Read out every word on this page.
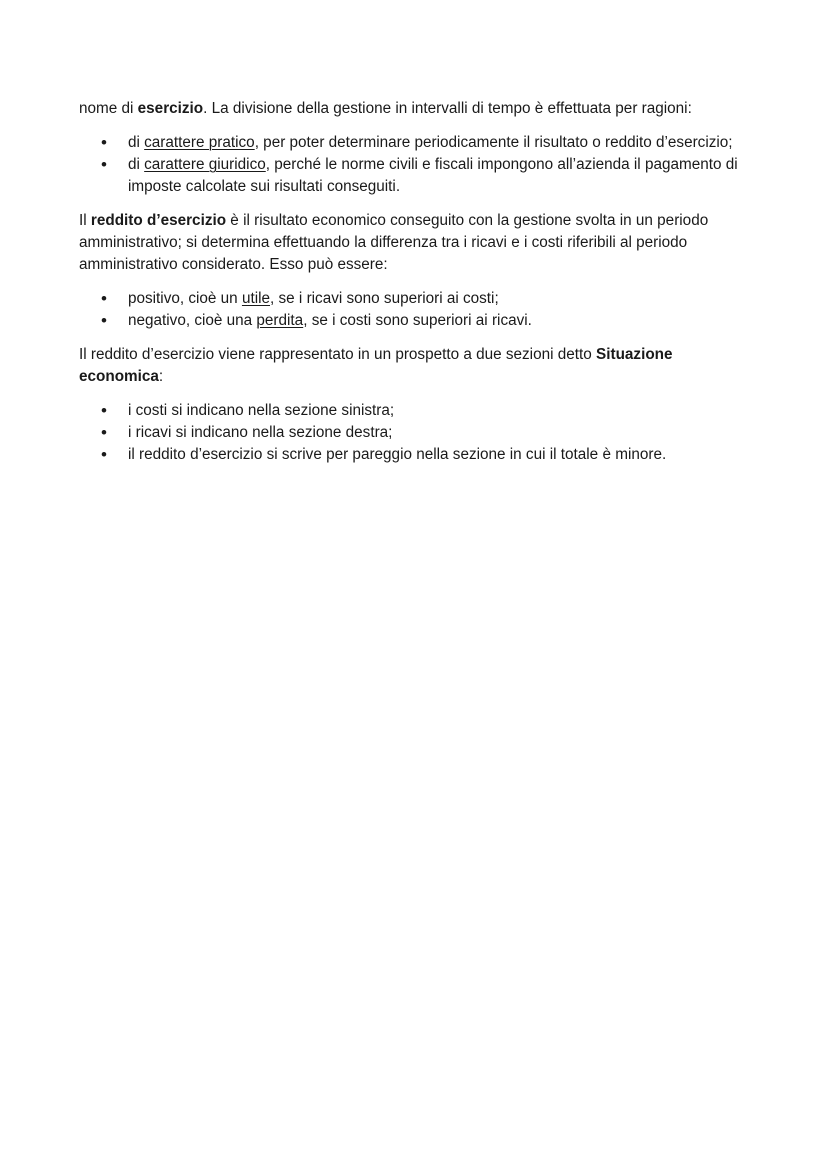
nome di esercizio. La divisione della gestione in intervalli di tempo è effettuata per ragioni:

• di carattere pratico, per poter determinare periodicamente il risultato o reddito d’esercizio;
• di carattere giuridico, perché le norme civili e fiscali impongono all’azienda il pagamento di imposte calcolate sui risultati conseguiti.

Il reddito d’esercizio è il risultato economico conseguito con la gestione svolta in un periodo amministrativo; si determina effettuando la differenza tra i ricavi e i costi riferibili al periodo amministrativo considerato. Esso può essere:

• positivo, cioè un utile, se i ricavi sono superiori ai costi;
• negativo, cioè una perdita, se i costi sono superiori ai ricavi.

Il reddito d’esercizio viene rappresentato in un prospetto a due sezioni detto Situazione economica:

• i costi si indicano nella sezione sinistra;
• i ricavi si indicano nella sezione destra;
• il reddito d’esercizio si scrive per pareggio nella sezione in cui il totale è minore.
